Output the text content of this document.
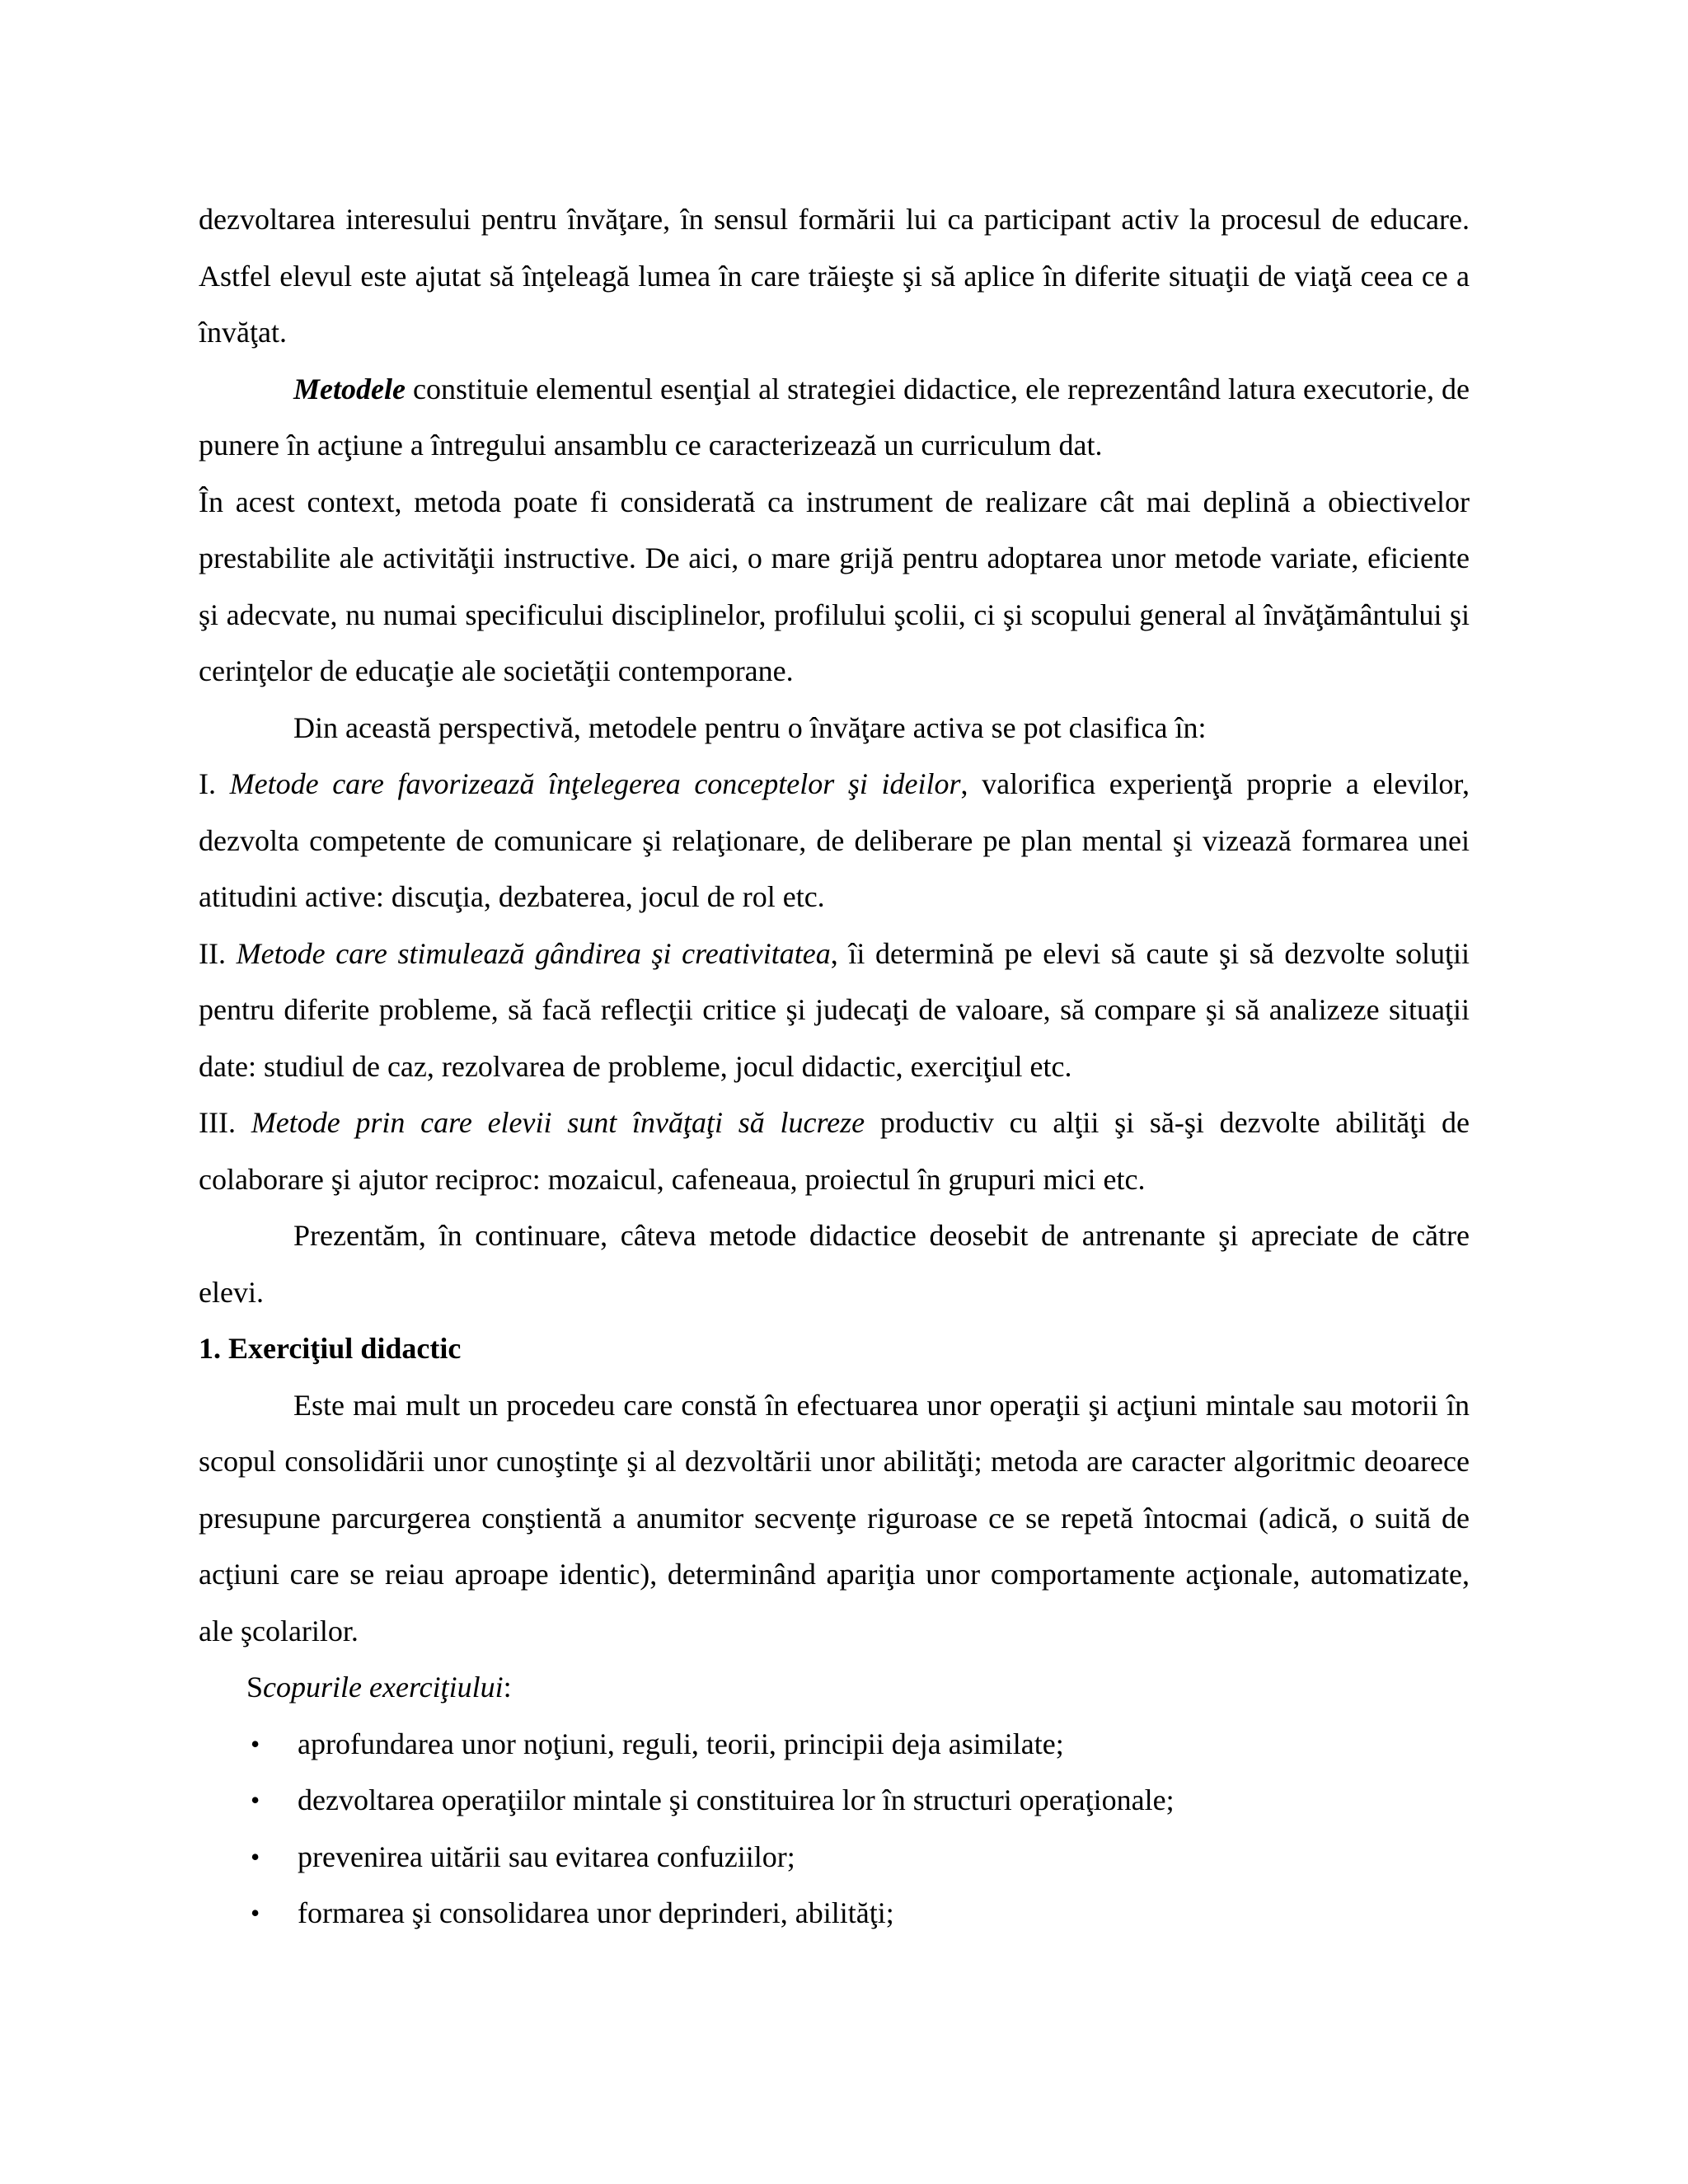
dezvoltarea interesului pentru învăţare, în sensul formării lui ca participant activ la procesul de educare. Astfel elevul este ajutat să înţeleagă lumea în care trăieşte şi să aplice în diferite situaţii de viaţă ceea ce a învăţat.

Metodele constituie elementul esenţial al strategiei didactice, ele reprezentând latura executorie, de punere în acţiune a întregului ansamblu ce caracterizează un curriculum dat.

În acest context, metoda poate fi considerată ca instrument de realizare cât mai deplină a obiectivelor prestabilite ale activităţii instructive. De aici, o mare grijă pentru adoptarea unor metode variate, eficiente şi adecvate, nu numai specificului disciplinelor, profilului şcolii, ci şi scopului general al învăţământului şi cerinţelor de educaţie ale societăţii contemporane.

Din această perspectivă, metodele pentru o învăţare activa se pot clasifica în:

I. Metode care favorizează înţelegerea conceptelor şi ideilor, valorifica experienţă proprie a elevilor, dezvolta competente de comunicare şi relaţionare, de deliberare pe plan mental şi vizează formarea unei atitudini active: discuţia, dezbaterea, jocul de rol etc.

II. Metode care stimulează gândirea şi creativitatea, îi determină pe elevi să caute şi să dezvolte soluţii pentru diferite probleme, să facă reflecţii critice şi judecaţi de valoare, să compare şi să analizeze situaţii date: studiul de caz, rezolvarea de probleme, jocul didactic, exerciţiul etc.

III. Metode prin care elevii sunt învăţaţi să lucreze productiv cu alţii şi să-şi dezvolte abilităţi de colaborare şi ajutor reciproc: mozaicul, cafeneaua, proiectul în grupuri mici etc.

Prezentăm, în continuare, câteva metode didactice deosebit de antrenante şi apreciate de către elevi.

1. Exerciţiul didactic

Este mai mult un procedeu care constă în efectuarea unor operaţii şi acţiuni mintale sau motorii în scopul consolidării unor cunoştinţe şi al dezvoltării unor abilităţi; metoda are caracter algoritmic deoarece presupune parcurgerea conştientă a anumitor secvenţe riguroase ce se repetă întocmai (adică, o suită de acţiuni care se reiau aproape identic), determinând apariţia unor comportamente acţionale, automatizate, ale şcolarilor.

Scopurile exerciţiului:

• aprofundarea unor noţiuni, reguli, teorii, principii deja asimilate;
• dezvoltarea operaţiilor mintale şi constituirea lor în structuri operaţionale;
• prevenirea uitării sau evitarea confuziilor;
• formarea şi consolidarea unor deprinderi, abilităţi;
